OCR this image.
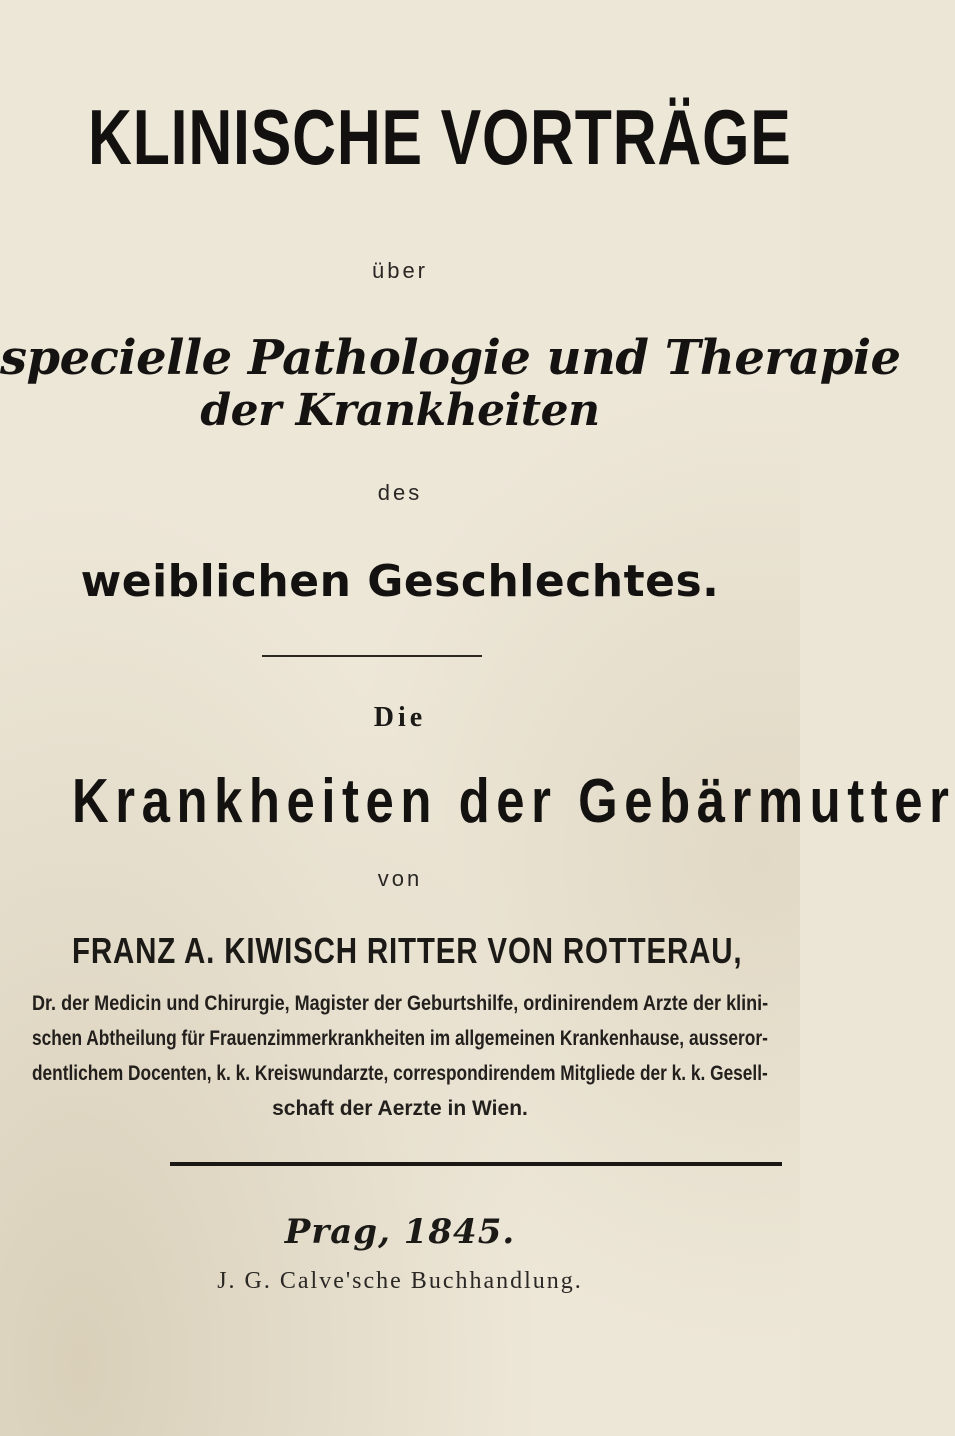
KLINISCHE VORTRÄGE
über
specielle Pathologie und Therapie
der Krankheiten
des
weiblichen Geschlechtes.
Die
Krankheiten der Gebärmutter
von
FRANZ A. KIWISCH RITTER VON ROTTERAU,
Dr. der Medicin und Chirurgie, Magister der Geburtshilfe, ordinirendem Arzte der klini-
schen Abtheilung für Frauenzimmerkrankheiten im allgemeinen Krankenhause, ausseror-
dentlichem Docenten, k. k. Kreiswundarzte, correspondirendem Mitgliede der k. k. Gesell-
schaft der Aerzte in Wien.
Prag, 1845.
J. G. Calve'sche Buchhandlung.
